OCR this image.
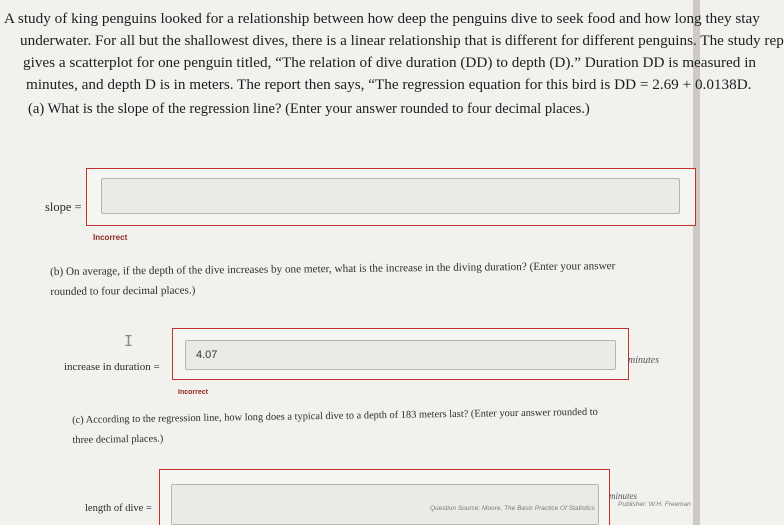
A study of king penguins looked for a relationship between how deep the penguins dive to seek food and how long they stay

underwater. For all but the shallowest dives, there is a linear relationship that is different for different penguins. The study rep

gives a scatterplot for one penguin titled, “The relation of dive duration (DD) to depth (D).” Duration DD is measured in

minutes, and depth D is in meters. The report then says, “The regression equation for this bird is DD = 2.69 + 0.0138D.

(a) What is the slope of the regression line? (Enter your answer rounded to four decimal places.)
slope =
Incorrect
(b) On average, if the depth of the dive increases by one meter, what is the increase in the diving duration? (Enter your answer
rounded to four decimal places.)
I
increase in duration =
4.07	minutes
Incorrect
(c) According to the regression line, how long does a typical dive to a depth of 183 meters last? (Enter your answer rounded to
three decimal places.)
length of dive =
minutes
Question Source: Moore, The Basic Practice Of Statistics
Publisher: W.H. Freeman
